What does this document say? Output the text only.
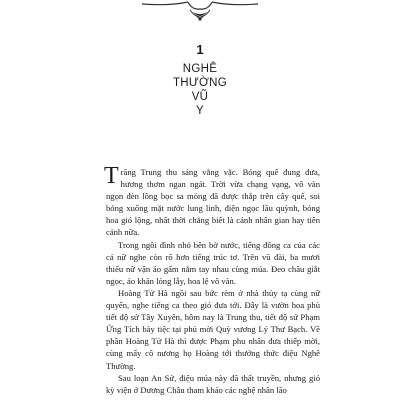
1
NGHÊ
THƯỜNG
VŨ
Y

Trăng Trung thu sáng vằng vặc. Bóng quế đung đưa, hương thơm ngan ngát. Trời vừa chạng vạng, vô vàn ngọn đèn lồng bọc sa mỏng đã được thắp trên cây quế, soi bóng xuống mặt nước lung linh, điện ngọc lầu quỳnh, bóng hoa gió lộng, nhất thời chẳng biết là cảnh nhân gian hay tiên cảnh nữa.

Trong ngôi đình nhỏ bên bờ nước, tiếng đồng ca của các cả nữ nghe còn rõ hơn tiếng trúc tơ. Trên vũ đài, ba mươi thiếu nữ vận áo gấm nắm tay nhau cùng múa. Đeo châu giắt ngọc, áo khăn lóng lẫy, hoa lệ vô vàn.

Hoàng Tử Hà ngồi sau bức rèm ở nhà thủy tạ cùng nữ quyến, nghe tiếng ca theo gió đưa tới. Đây là vườn hoa phủ tiết độ sứ Tây Xuyên, hôm nay là Trung thu, tiết độ sứ Phạm Ứng Tích bày tiệc tại phủ mời Quỳ vương Lý Thư Bạch. Về phần Hoàng Tử Hà thì được Phạm phu nhân đưa thiếp mời, cùng mấy cô nương họ Hoàng tới thưởng thức điệu Nghê Thường.

Sau loạn An Sử, điệu múa này đã thất truyền, nhưng gió kỳ viện ở Dương Châu tham khảo các nghệ nhân lão
